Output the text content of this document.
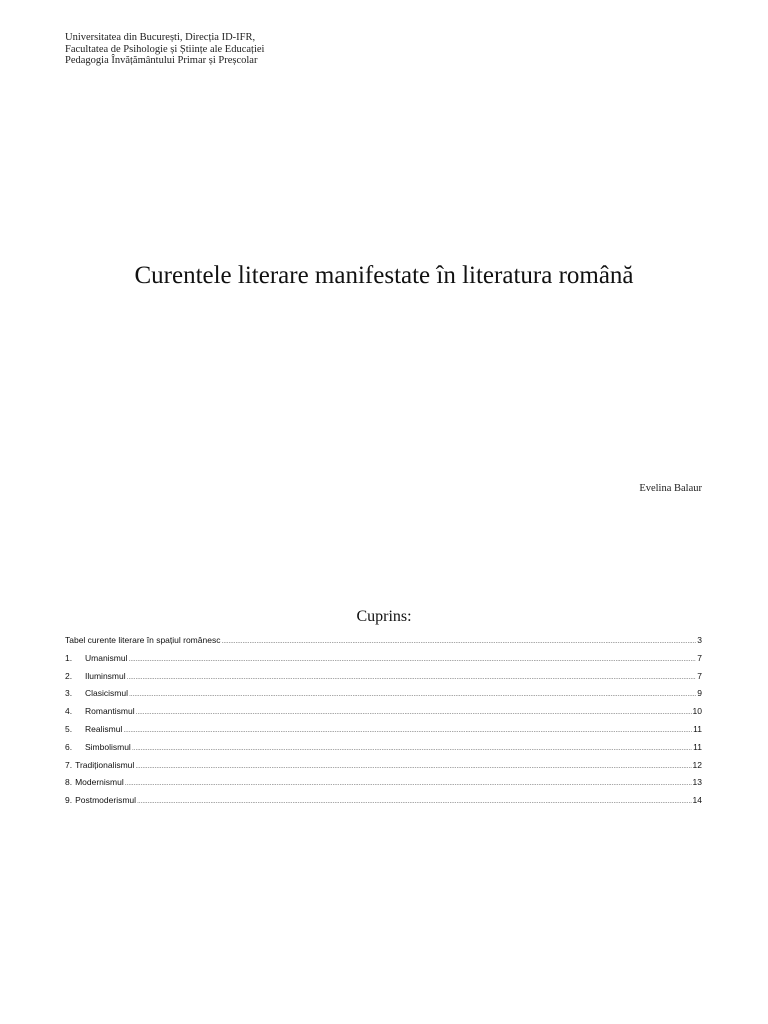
Universitatea din București, Direcția ID-IFR,
Facultatea de Psihologie și Științe ale Educației
Pedagogia Învățământului Primar și Preșcolar
Curentele literare manifestate în literatura română
Evelina Balaur
Cuprins:
Tabel curente literare în spațiul românesc .....	3
1.	Umanismul .....	7
2.	Iluminsmul .....	7
3.	Clasicismul .....	9
4.	Romantismul .....	10
5.	Realismul .....	11
6.	Simbolismul .....	11
7. Tradiționalismul .....	12
8. Modernismul .....	13
9. Postmoderismul .....	14
